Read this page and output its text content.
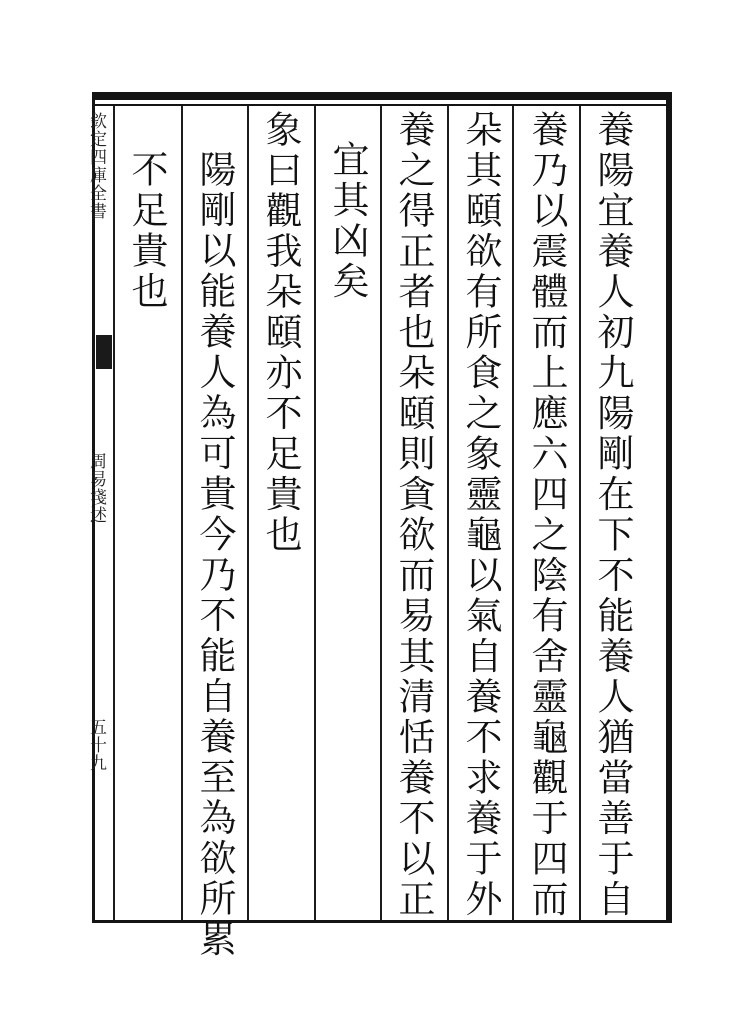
養陽宜養人初九陽剛在下不能養人猶當善于自
養乃以震體而上應六四之陰有舍靈龜觀于四而
朵其頤欲有所食之象靈龜以氣自養不求養于外
養之得正者也朵頤則貪欲而易其清恬養不以正
宜其凶矣
象曰觀我朵頤亦不足貴也
陽剛以能養人為可貴今乃不能自養至為欲所累
不足貴也
欽定四庫全書
周易淺述
五十九
